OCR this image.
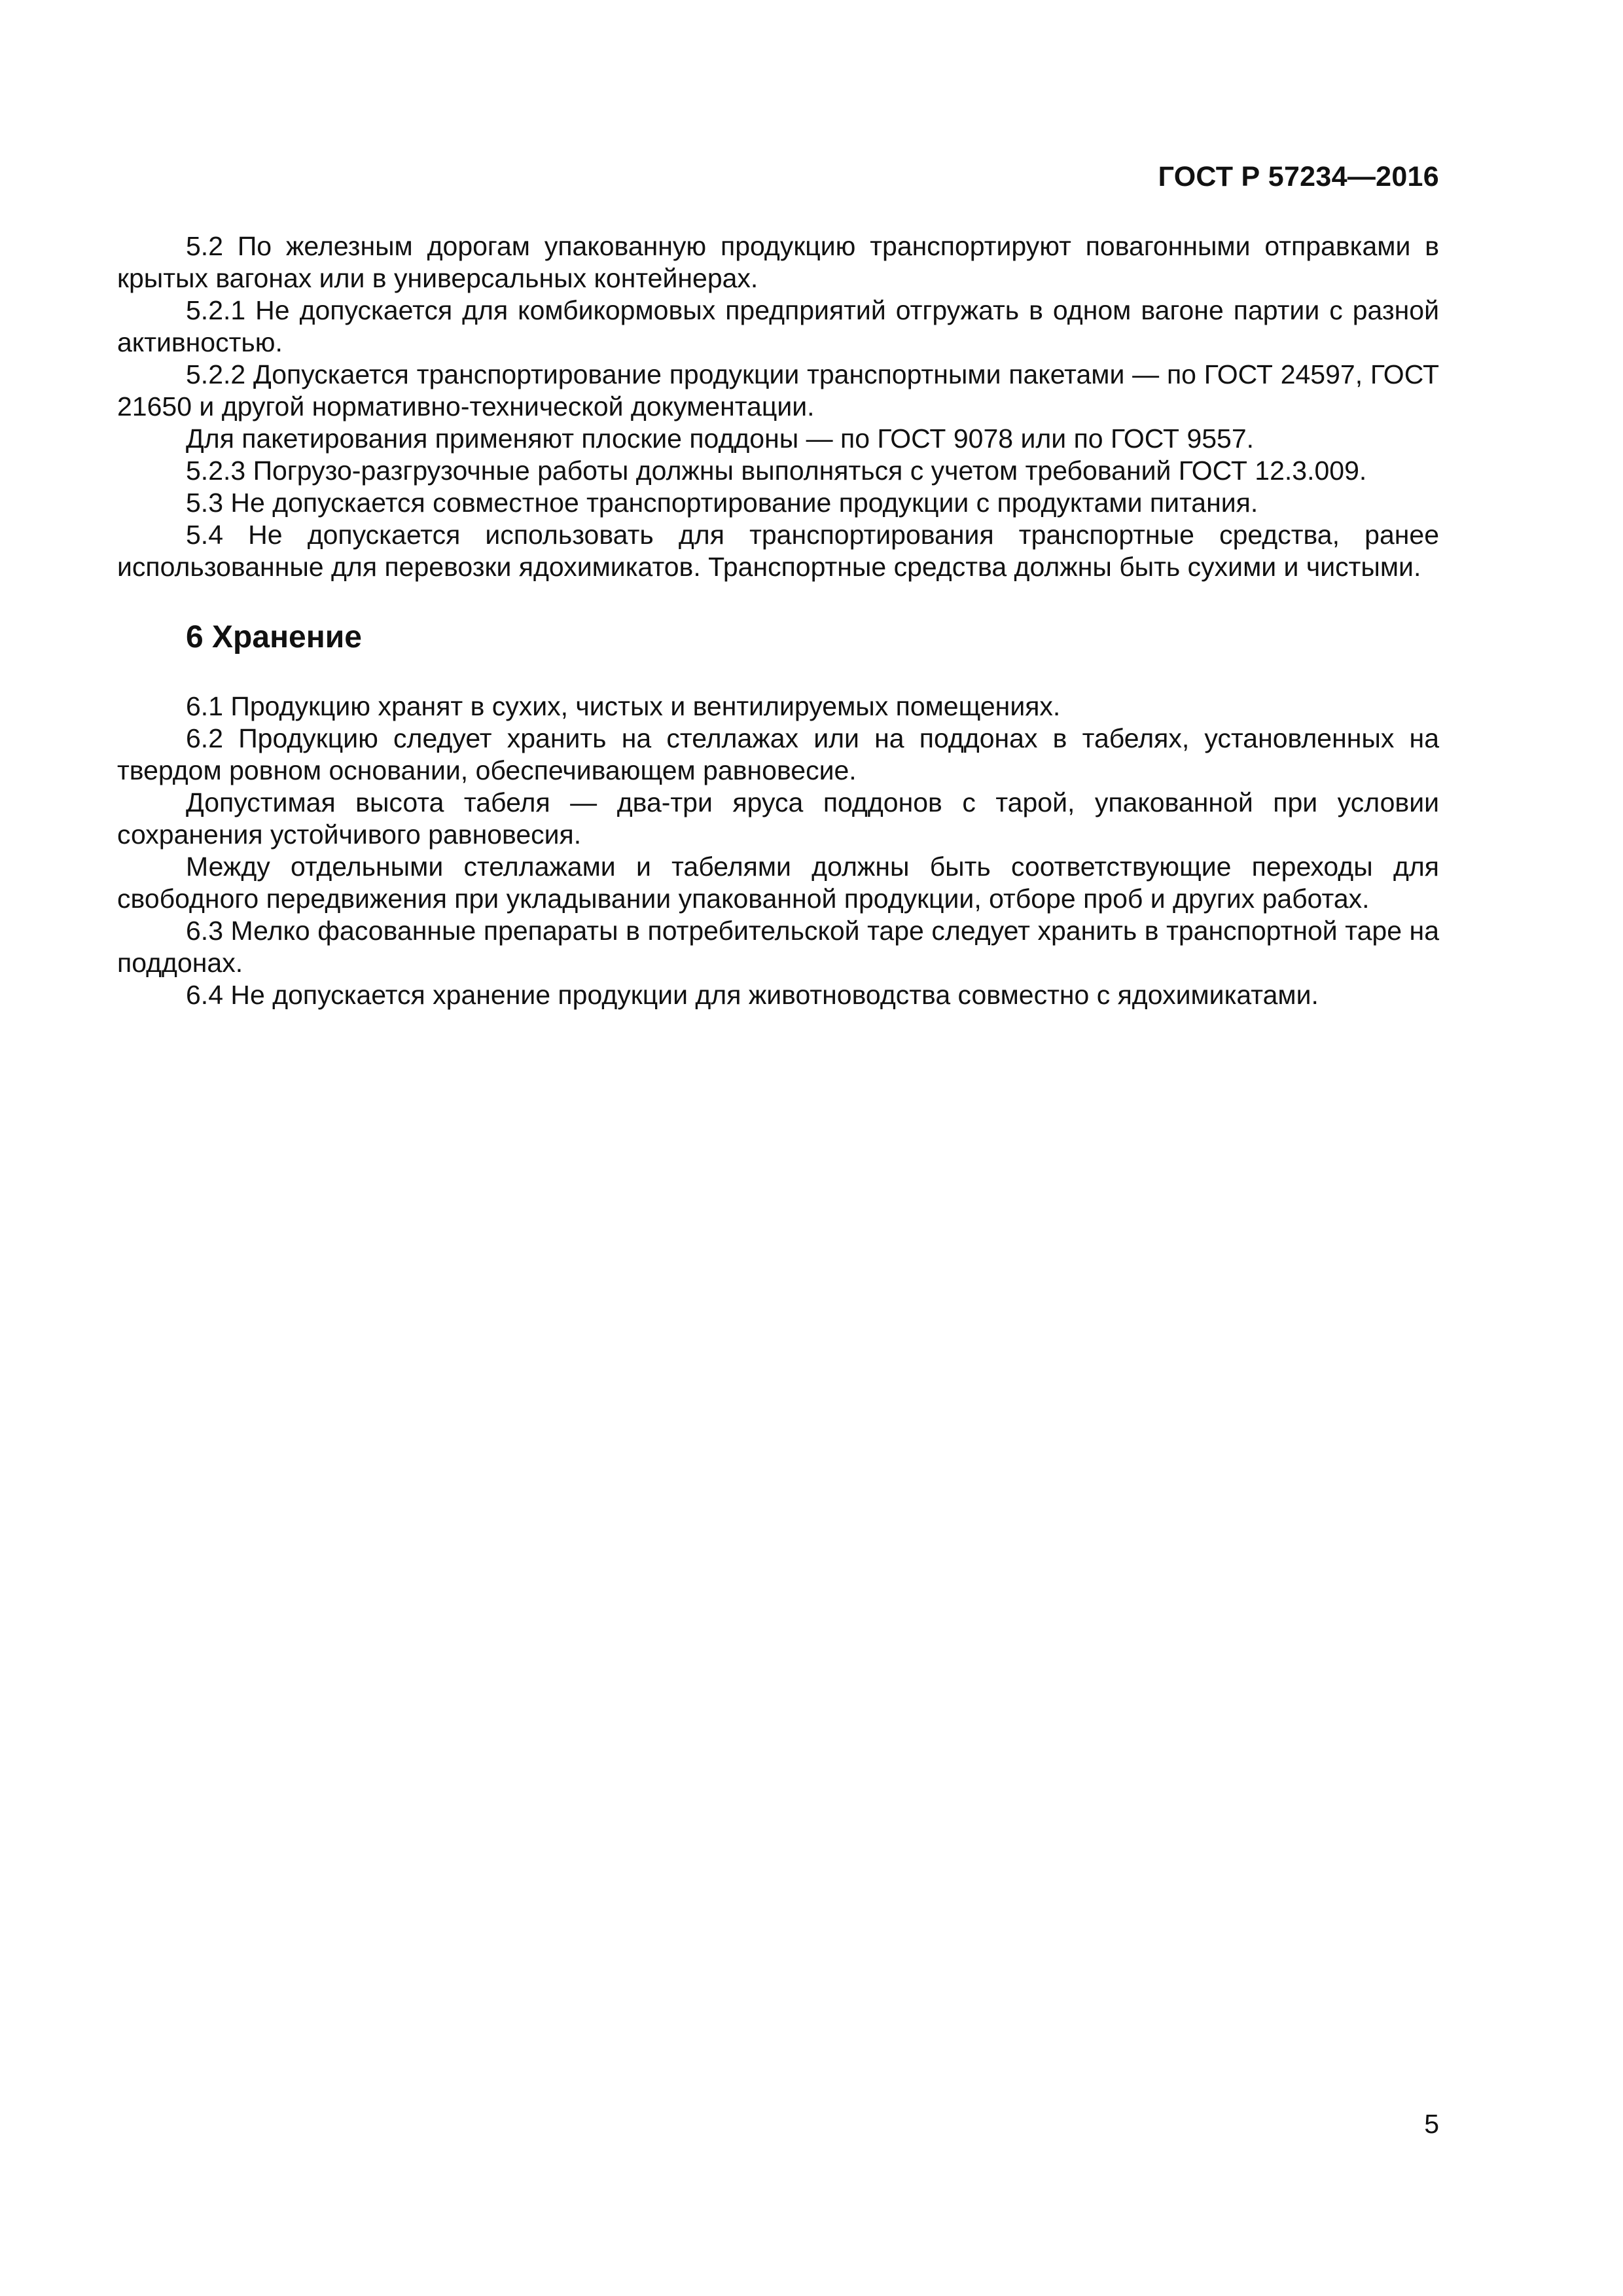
ГОСТ Р 57234—2016

5.2 По железным дорогам упакованную продукцию транспортируют повагонными отправками в крытых вагонах или в универсальных контейнерах.

5.2.1 Не допускается для комбикормовых предприятий отгружать в одном вагоне партии с разной активностью.

5.2.2 Допускается транспортирование продукции транспортными пакетами — по ГОСТ 24597, ГОСТ 21650 и другой нормативно-технической документации.

Для пакетирования применяют плоские поддоны — по ГОСТ 9078 или по ГОСТ 9557.

5.2.3 Погрузо-разгрузочные работы должны выполняться с учетом требований ГОСТ 12.3.009.

5.3 Не допускается совместное транспортирование продукции с продуктами питания.

5.4 Не допускается использовать для транспортирования транспортные средства, ранее использованные для перевозки ядохимикатов. Транспортные средства должны быть сухими и чистыми.

6 Хранение

6.1 Продукцию хранят в сухих, чистых и вентилируемых помещениях.

6.2 Продукцию следует хранить на стеллажах или на поддонах в табелях, установленных на твердом ровном основании, обеспечивающем равновесие.

Допустимая высота табеля — два-три яруса поддонов с тарой, упакованной при условии сохранения устойчивого равновесия.

Между отдельными стеллажами и табелями должны быть соответствующие переходы для свободного передвижения при укладывании упакованной продукции, отборе проб и других работах.

6.3 Мелко фасованные препараты в потребительской таре следует хранить в транспортной таре на поддонах.

6.4 Не допускается хранение продукции для животноводства совместно с ядохимикатами.

5
